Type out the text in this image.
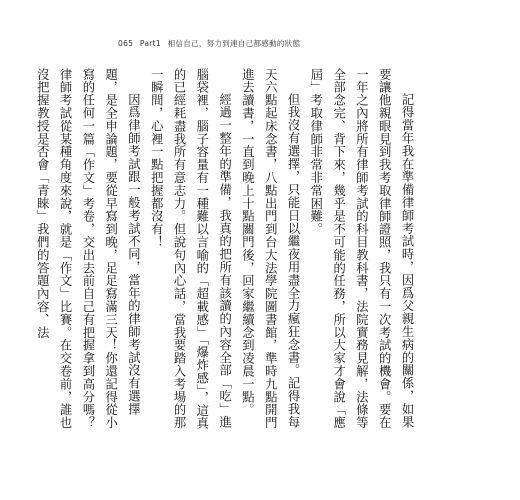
065 Part1 相信自己，努力到連自己都感動的狀態

記得當年我在準備律師考試時，因爲父親生病的關係，如果要讓他親眼見到我考取律師證照，我只有一次考試的機會。要在一年之內將所有律師考試的科目教科書，法院實務見解，法條等全部念完、背下來，幾乎是不可能的任務，所以大家才會說「應屆」考取律師非常非常困難。

但我沒有選擇，只能日以繼夜用盡全力瘋狂念書。記得我每天六點起床念書，八點出門到台大法學院圖書館，準時九點開門進去讀書，一直到晚上十點關門後，回家繼續念到凌晨一點。

經過一整年的準備，我真的把所有該讀的內容全部「吃」進腦袋裡，腦子容量有一種難以言喻的「超載感」「爆炸感」，這真的已經耗盡我所有意志力。但說句內心話，當我要踏入考場的那一瞬間，心裡一點把握都沒有！

因爲律師考試跟一般考試不同，當年的律師考試沒有選擇題，是全申論題，要從早寫到晚，足足寫滿三天！你還記得從小寫的任何一篇「作文」考卷，交出去前自己有把握拿到高分嗎？律師考試從某種角度來說，就是「作文」比賽。在交卷前，誰也沒把握教授是否會「青睞」我們的答題內容、法
